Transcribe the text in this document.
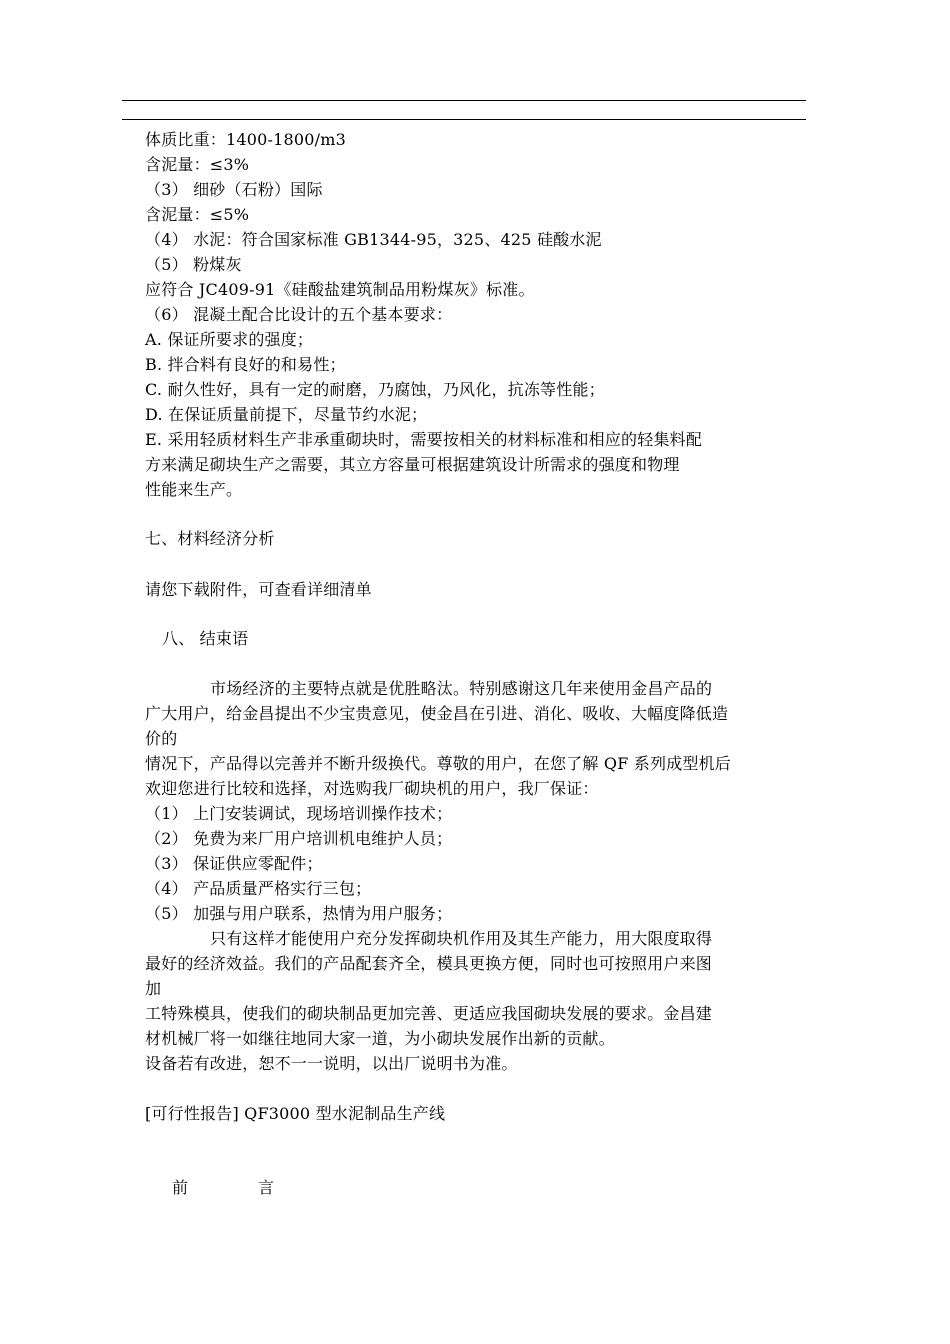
体质比重：1400-1800/m3
含泥量：≤3%
（3） 细砂（石粉）国际
含泥量：≤5%
（4） 水泥：符合国家标准 GB1344-95，325、425 硅酸水泥
（5） 粉煤灰
应符合 JC409-91《硅酸盐建筑制品用粉煤灰》标准。
（6） 混凝土配合比设计的五个基本要求：
A. 保证所要求的强度；
B. 拌合料有良好的和易性；
C. 耐久性好，具有一定的耐磨，乃腐蚀，乃风化，抗冻等性能；
D. 在保证质量前提下，尽量节约水泥；
E. 采用轻质材料生产非承重砌块时，需要按相关的材料标准和相应的轻集料配
方来满足砌块生产之需要，其立方容量可根据建筑设计所需求的强度和物理
性能来生产。
七、材料经济分析
请您下载附件，可查看详细清单
八、 结束语
市场经济的主要特点就是优胜略汰。特别感谢这几年来使用金昌产品的
广大用户，给金昌提出不少宝贵意见，使金昌在引进、消化、吸收、大幅度降低造
价的
情况下，产品得以完善并不断升级换代。尊敬的用户，在您了解 QF 系列成型机后
欢迎您进行比较和选择，对选购我厂砌块机的用户，我厂保证：
（1） 上门安装调试，现场培训操作技术；
（2） 免费为来厂用户培训机电维护人员；
（3） 保证供应零配件；
（4） 产品质量严格实行三包；
（5） 加强与用户联系，热情为用户服务；
只有这样才能使用户充分发挥砌块机作用及其生产能力，用大限度取得
最好的经济效益。我们的产品配套齐全，模具更换方便，同时也可按照用户来图
加
工特殊模具，使我们的砌块制品更加完善、更适应我国砌块发展的要求。金昌建
材机械厂将一如继往地同大家一道，为小砌块发展作出新的贡献。
设备若有改进，恕不一一说明，以出厂说明书为准。
[可行性报告] QF3000 型水泥制品生产线
前	言
